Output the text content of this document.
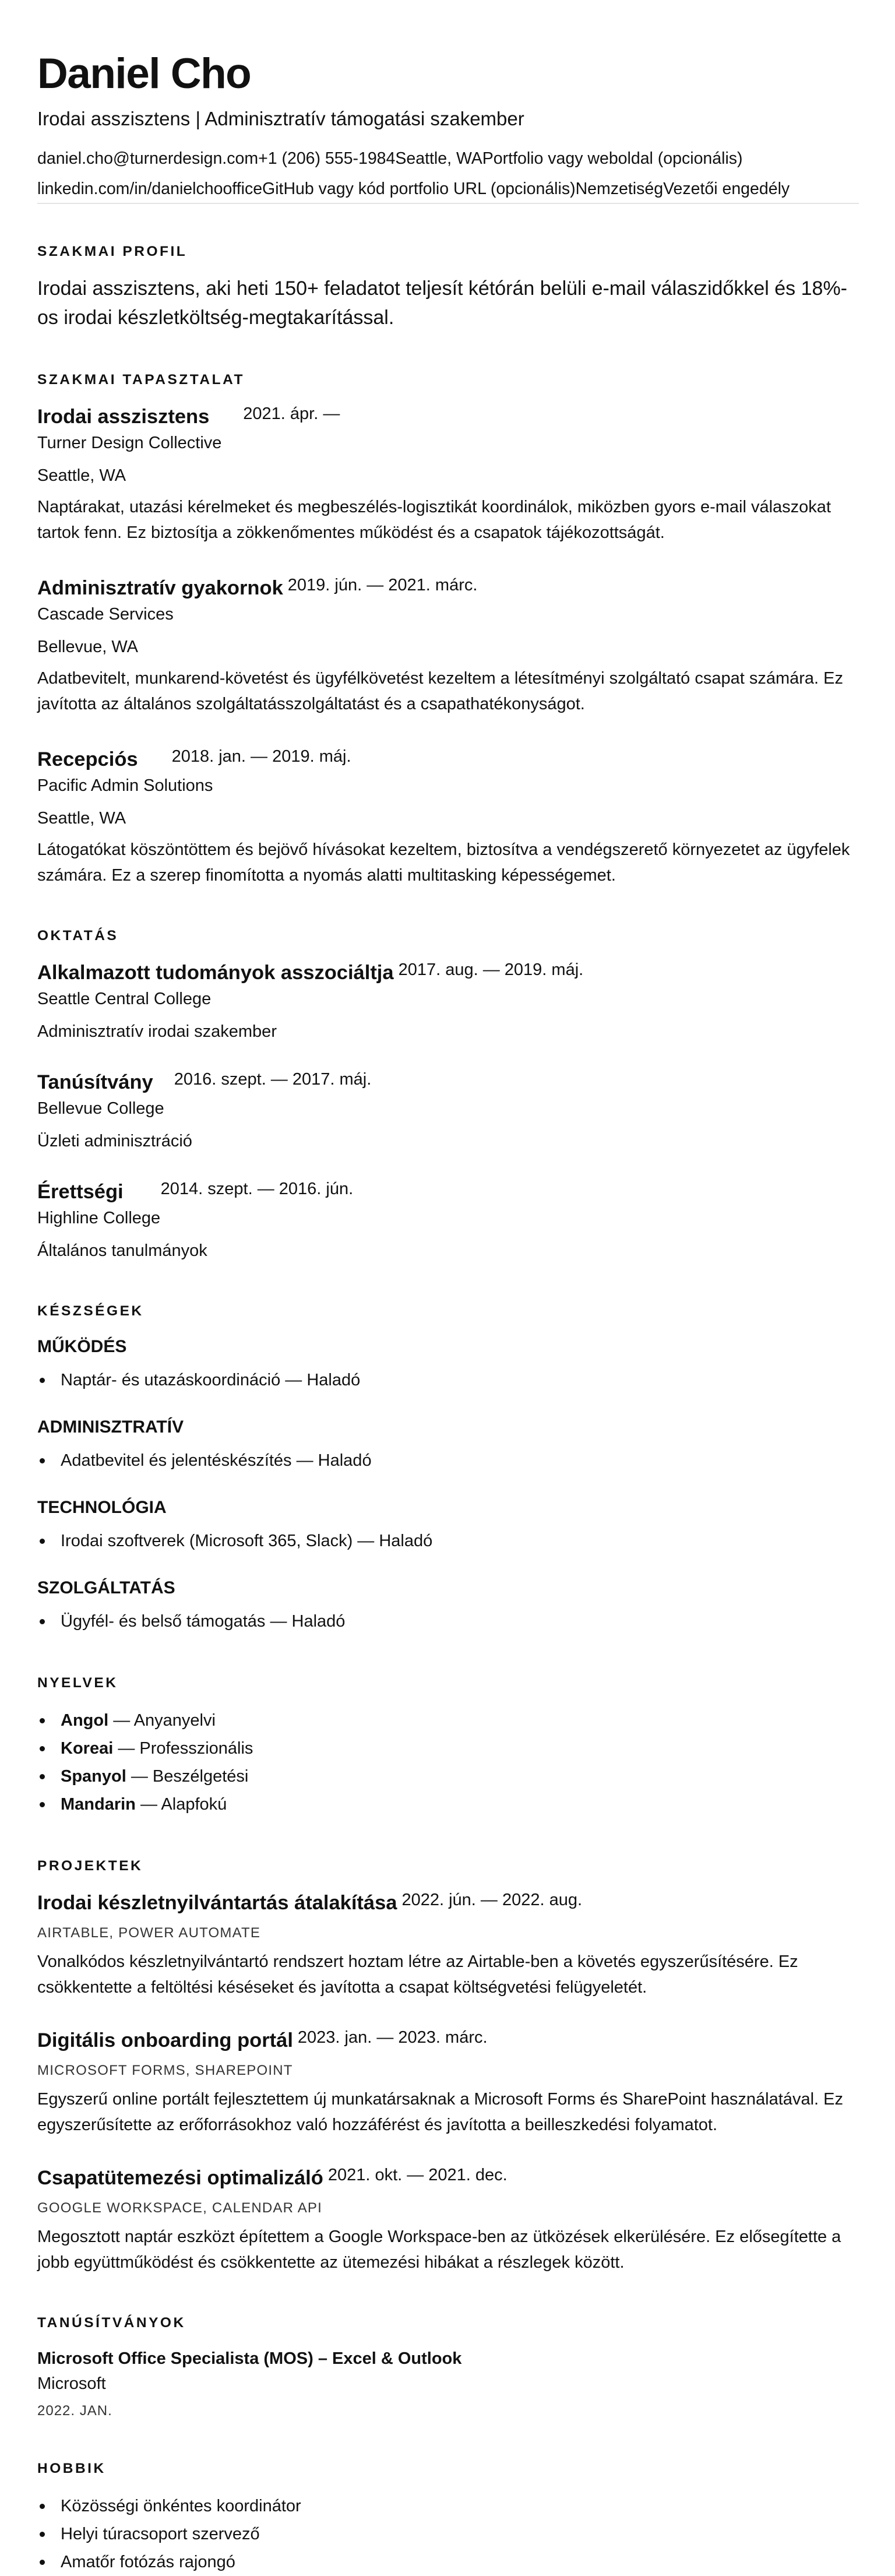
Daniel Cho
Irodai asszisztens | Adminisztratív támogatási szakember
daniel.cho@turnerdesign.com+1 (206) 555-1984Seattle, WAPortfolio vagy weboldal (opcionális)
linkedin.com/in/danielchoofficeGitHub vagy kód portfolio URL (opcionális)NemzetiségVezetői engedély
SZAKMAI PROFIL
Irodai asszisztens, aki heti 150+ feladatot teljesít kétórán belüli e-mail válaszidőkkel és 18%-os irodai készletköltség-megtakarítással.
SZAKMAI TAPASZTALAT
Irodai asszisztens 2021. ápr. —
Turner Design Collective
Seattle, WA
Naptárakat, utazási kérelmeket és megbeszélés-logisztikát koordinálok, miközben gyors e-mail válaszokat tartok fenn. Ez biztosítja a zökkenőmentes működést és a csapatok tájékozottságát.
Adminisztratív gyakornok 2019. jún. — 2021. márc.
Cascade Services
Bellevue, WA
Adatbevitelt, munkarend-követést és ügyfélkövetést kezeltem a létesítményi szolgáltató csapat számára. Ez javította az általános szolgáltatásszolgáltatást és a csapathatékonyságot.
Recepciós 2018. jan. — 2019. máj.
Pacific Admin Solutions
Seattle, WA
Látogatókat köszöntöttem és bejövő hívásokat kezeltem, biztosítva a vendégszerető környezetet az ügyfelek számára. Ez a szerep finomította a nyomás alatti multitasking képességemet.
OKTATÁS
Alkalmazott tudományok asszociáltja 2017. aug. — 2019. máj.
Seattle Central College
Adminisztratív irodai szakember
Tanúsítvány 2016. szept. — 2017. máj.
Bellevue College
Üzleti adminisztráció
Érettségi 2014. szept. — 2016. jún.
Highline College
Általános tanulmányok
KÉSZSÉGEK
MŰKÖDÉS
Naptár- és utazáskoordináció — Haladó
ADMINISZTRATÍV
Adatbevitel és jelentéskészítés — Haladó
TECHNOLÓGIA
Irodai szoftverek (Microsoft 365, Slack) — Haladó
SZOLGÁLTATÁS
Ügyfél- és belső támogatás — Haladó
NYELVEK
Angol — Anyanyelvi
Koreai — Professzionális
Spanyol — Beszélgetési
Mandarin — Alapfokú
PROJEKTEK
Irodai készletnyilvántartás átalakítása 2022. jún. — 2022. aug.
AIRTABLE, POWER AUTOMATE
Vonalkódos készletnyilvántartó rendszert hoztam létre az Airtable-ben a követés egyszerűsítésére. Ez csökkentette a feltöltési késéseket és javította a csapat költségvetési felügyeletét.
Digitális onboarding portál 2023. jan. — 2023. márc.
MICROSOFT FORMS, SHAREPOINT
Egyszerű online portált fejlesztettem új munkatársaknak a Microsoft Forms és SharePoint használatával. Ez egyszerűsítette az erőforrásokhoz való hozzáférést és javította a beilleszkedési folyamatot.
Csapatütemezési optimalizáló 2021. okt. — 2021. dec.
GOOGLE WORKSPACE, CALENDAR API
Megosztott naptár eszközt építettem a Google Workspace-ben az ütközések elkerülésére. Ez elősegítette a jobb együttműködést és csökkentette az ütemezési hibákat a részlegek között.
TANÚSÍTVÁNYOK
Microsoft Office Specialista (MOS) – Excel & Outlook
Microsoft
2022. JAN.
HOBBIK
Közösségi önkéntes koordinátor
Helyi túracsoport szervező
Amatőr fotózás rajongó
